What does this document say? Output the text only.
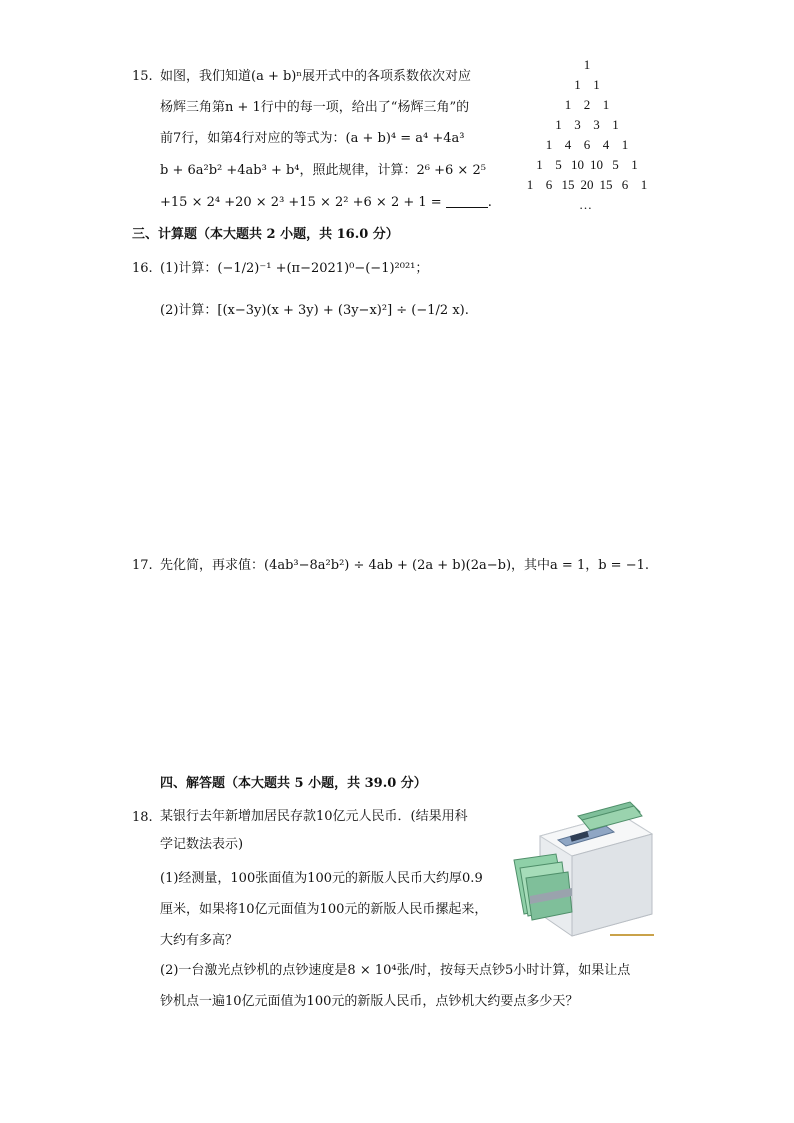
15. 如图，我们知道(a + b)ⁿ展开式中的各项系数依次对应
杨辉三角第n + 1行中的每一项，给出了“杨辉三角”的
前7行，如第4行对应的等式为：(a + b)⁴ = a⁴ +4a³
b + 6a²b² +4ab³ + b⁴，照此规律，计算：2⁶ +6 × 2⁵
+15 × 2⁴ +20 × 2³ +15 × 2² +6 × 2 + 1 =	.
1
1 1
1 2 1
1 3 3 1
1 4 6 4 1
1 5 10 10 5 1
1 6 15 20 15 6 1
…
三、计算题（本大题共 2 小题，共 16.0 分）
16. (1)计算：(−1/2)⁻¹ +(π−2021)⁰−(−1)²⁰²¹；
(2)计算：[(x−3y)(x + 3y) + (3y−x)²] ÷ (−1/2 x).
17. 先化简，再求值：(4ab³−8a²b²) ÷ 4ab + (2a + b)(2a−b)，其中a = 1，b = −1.
四、解答题（本大题共 5 小题，共 39.0 分）
18. 某银行去年新增加居民存款10亿元人民币．(结果用科
学记数法表示)
(1)经测量，100张面值为100元的新版人民币大约厚0.9
厘米，如果将10亿元面值为100元的新版人民币摞起来，
大约有多高？
(2)一台激光点钞机的点钞速度是8 × 10⁴张/时，按每天点钞5小时计算，如果让点
钞机点一遍10亿元面值为100元的新版人民币，点钞机大约要点多少天？
